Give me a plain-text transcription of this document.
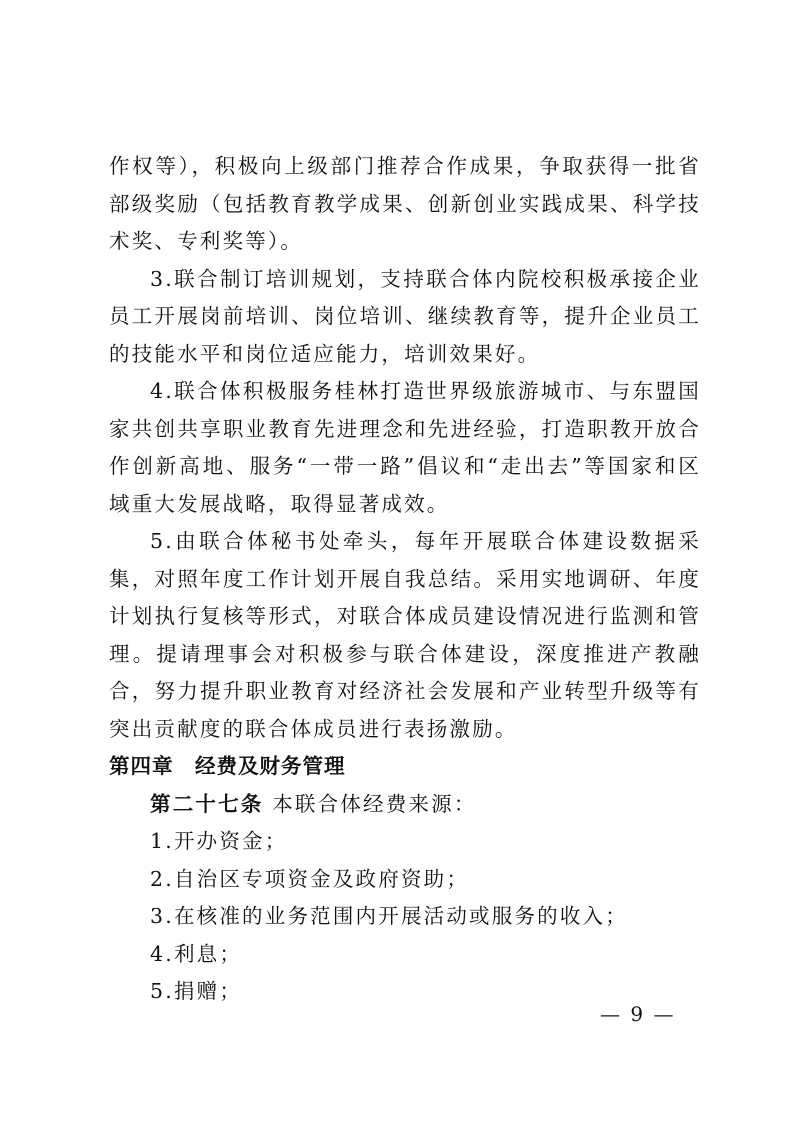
作权等），积极向上级部门推荐合作成果，争取获得一批省部级奖励（包括教育教学成果、创新创业实践成果、科学技术奖、专利奖等）。

3.联合制订培训规划，支持联合体内院校积极承接企业员工开展岗前培训、岗位培训、继续教育等，提升企业员工的技能水平和岗位适应能力，培训效果好。

4.联合体积极服务桂林打造世界级旅游城市、与东盟国家共创共享职业教育先进理念和先进经验，打造职教开放合作创新高地、服务“一带一路”倡议和“走出去”等国家和区域重大发展战略，取得显著成效。

5.由联合体秘书处牵头，每年开展联合体建设数据采集，对照年度工作计划开展自我总结。采用实地调研、年度计划执行复核等形式，对联合体成员建设情况进行监测和管理。提请理事会对积极参与联合体建设，深度推进产教融合，努力提升职业教育对经济社会发展和产业转型升级等有突出贡献度的联合体成员进行表扬激励。

第四章　经费及财务管理

第二十七条 本联合体经费来源：

1.开办资金；

2.自治区专项资金及政府资助；

3.在核准的业务范围内开展活动或服务的收入；

4.利息；

5.捐赠；

— 9 —
